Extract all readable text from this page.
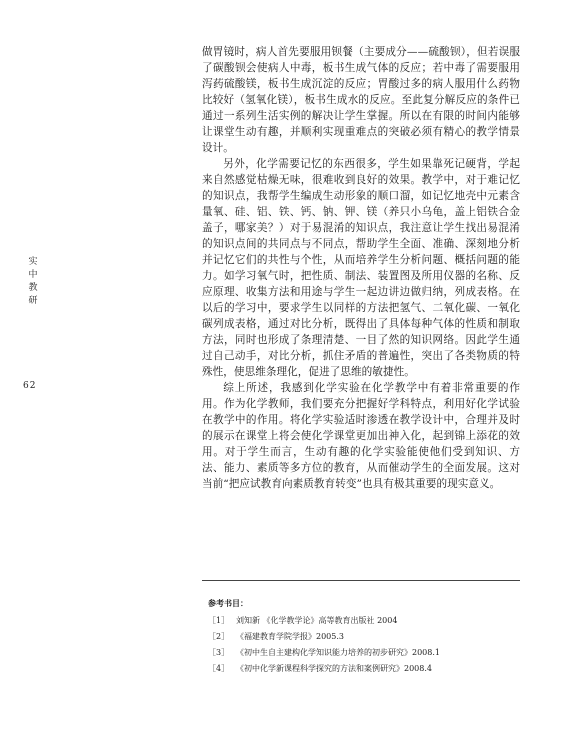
实
中
教
研
62

做胃镜时，病人首先要服用钡餐（主要成分——硫酸钡），但若误服了碳酸钡会使病人中毒，板书生成气体的反应；若中毒了需要服用泻药硫酸镁，板书生成沉淀的反应；胃酸过多的病人服用什么药物比较好（氢氧化镁），板书生成水的反应。至此复分解反应的条件已通过一系列生活实例的解决让学生掌握。所以在有限的时间内能够让课堂生动有趣，并顺利实现重难点的突破必须有精心的教学情景设计。

另外，化学需要记忆的东西很多，学生如果靠死记硬背，学起来自然感觉枯燥无味，很难收到良好的效果。教学中，对于难记忆的知识点，我帮学生编成生动形象的顺口溜，如记忆地壳中元素含量氧、硅、铝、铁、钙、钠、钾、镁（养只小乌龟，盖上铝铁合金盖子，哪家美？）对于易混淆的知识点，我注意让学生找出易混淆的知识点间的共同点与不同点，帮助学生全面、准确、深刻地分析并记忆它们的共性与个性，从而培养学生分析问题、概括问题的能力。如学习氧气时，把性质、制法、装置图及所用仪器的名称、反应原理、收集方法和用途与学生一起边讲边做归纳，列成表格。在以后的学习中，要求学生以同样的方法把氢气、二氧化碳、一氧化碳列成表格，通过对比分析，既得出了具体每种气体的性质和制取方法，同时也形成了条理清楚、一目了然的知识网络。因此学生通过自己动手，对比分析，抓住矛盾的普遍性，突出了各类物质的特殊性，使思维条理化，促进了思维的敏捷性。

综上所述，我感到化学实验在化学教学中有着非常重要的作用。作为化学教师，我们要充分把握好学科特点，利用好化学试验在教学中的作用。将化学实验适时渗透在教学设计中，合理并及时的展示在课堂上将会使化学课堂更加出神入化，起到锦上添花的效用。对于学生而言，生动有趣的化学实验能使他们受到知识、方法、能力、素质等多方位的教育，从而催动学生的全面发展。这对当前“把应试教育向素质教育转变”也具有极其重要的现实意义。

参考书目：
［1］ 刘知新 《化学教学论》高等教育出版社 2004
［2］ 《福建教育学院学报》2005.3
［3］ 《初中生自主建构化学知识能力培养的初步研究》2008.1
［4］ 《初中化学新课程科学探究的方法和案例研究》2008.4
